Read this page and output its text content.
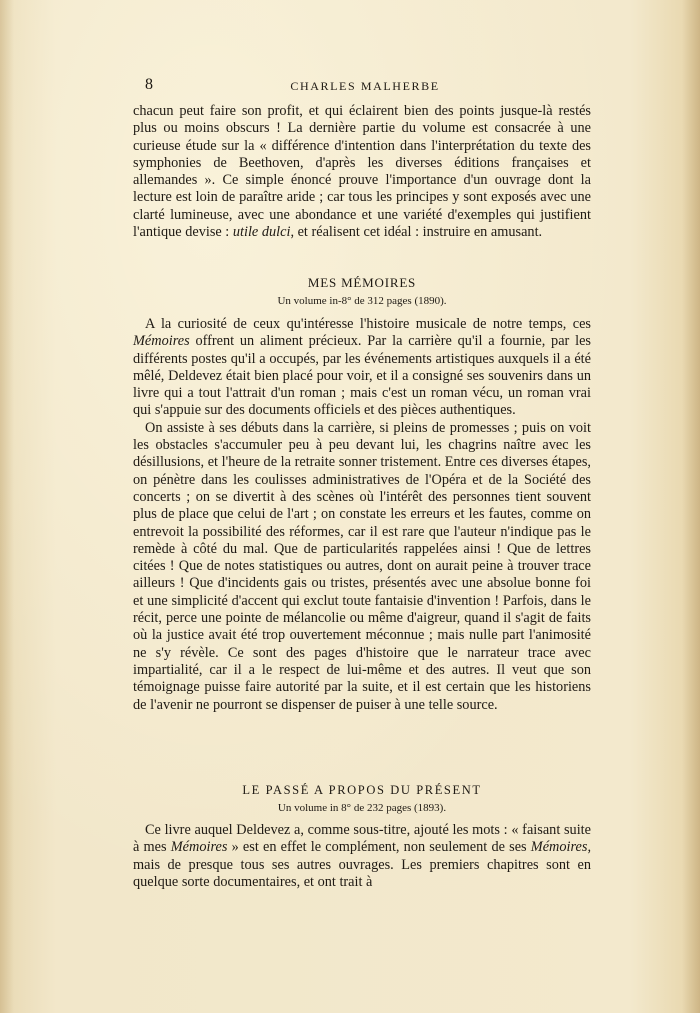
8	CHARLES MALHERBE

chacun peut faire son profit, et qui éclairent bien des points jusque-là restés plus ou moins obscurs ! La dernière partie du volume est consacrée à une curieuse étude sur la « différence d'intention dans l'interprétation du texte des symphonies de Beethoven, d'après les diverses éditions françaises et allemandes ». Ce simple énoncé prouve l'importance d'un ouvrage dont la lecture est loin de paraître aride ; car tous les principes y sont exposés avec une clarté lumineuse, avec une abondance et une variété d'exemples qui justifient l'antique devise : utile dulci, et réalisent cet idéal : instruire en amusant.

MES MÉMOIRES
Un volume in-8° de 312 pages (1890).

A la curiosité de ceux qu'intéresse l'histoire musicale de notre temps, ces Mémoires offrent un aliment précieux. Par la carrière qu'il a fournie, par les différents postes qu'il a occupés, par les événements artistiques auxquels il a été mêlé, Deldevez était bien placé pour voir, et il a consigné ses souvenirs dans un livre qui a tout l'attrait d'un roman ; mais c'est un roman vécu, un roman vrai qui s'appuie sur des documents officiels et des pièces authentiques.

On assiste à ses débuts dans la carrière, si pleins de promesses ; puis on voit les obstacles s'accumuler peu à peu devant lui, les chagrins naître avec les désillusions, et l'heure de la retraite sonner tristement. Entre ces diverses étapes, on pénètre dans les coulisses administratives de l'Opéra et de la Société des concerts ; on se divertit à des scènes où l'intérêt des personnes tient souvent plus de place que celui de l'art ; on constate les erreurs et les fautes, comme on entrevoit la possibilité des réformes, car il est rare que l'auteur n'indique pas le remède à côté du mal. Que de particularités rappelées ainsi ! Que de lettres citées ! Que de notes statistiques ou autres, dont on aurait peine à trouver trace ailleurs ! Que d'incidents gais ou tristes, présentés avec une absolue bonne foi et une simplicité d'accent qui exclut toute fantaisie d'invention ! Parfois, dans le récit, perce une pointe de mélancolie ou même d'aigreur, quand il s'agit de faits où la justice avait été trop ouvertement méconnue ; mais nulle part l'animosité ne s'y révèle. Ce sont des pages d'histoire que le narrateur trace avec impartialité, car il a le respect de lui-même et des autres. Il veut que son témoignage puisse faire autorité par la suite, et il est certain que les historiens de l'avenir ne pourront se dispenser de puiser à une telle source.

LE PASSÉ A PROPOS DU PRÉSENT
Un volume in 8° de 232 pages (1893).

Ce livre auquel Deldevez a, comme sous-titre, ajouté les mots : « faisant suite à mes Mémoires » est en effet le complément, non seulement de ses Mémoires, mais de presque tous ses autres ouvrages. Les premiers chapitres sont en quelque sorte documentaires, et ont trait à
